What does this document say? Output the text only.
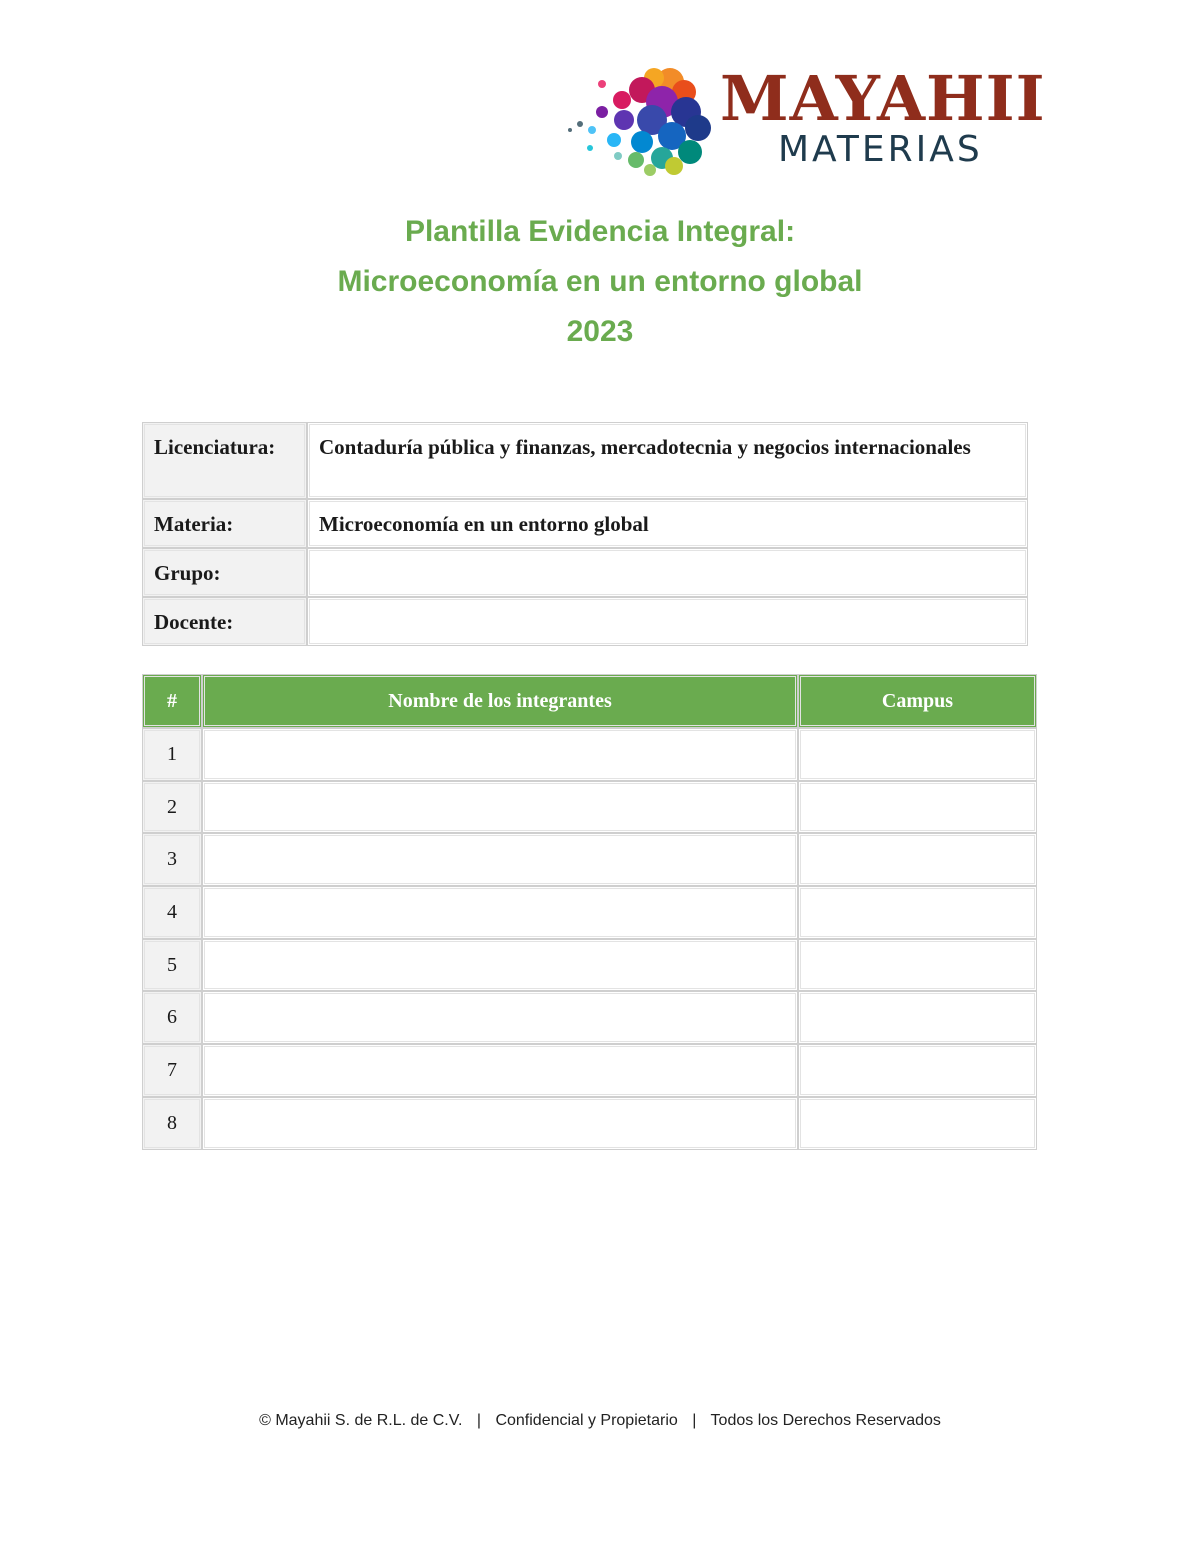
MAYAHII
MATERIAS
Plantilla Evidencia Integral:
Microeconomía en un entorno global
2023
Licenciatura:	Contaduría pública y finanzas, mercadotecnia y negocios internacionales
Materia:	Microeconomía en un entorno global
Grupo:	
Docente:	
#	Nombre de los integrantes	Campus
1		
2		
3		
4		
5		
6		
7		
8		
© Mayahii S. de R.L. de C.V. | Confidencial y Propietario | Todos los Derechos Reservados
